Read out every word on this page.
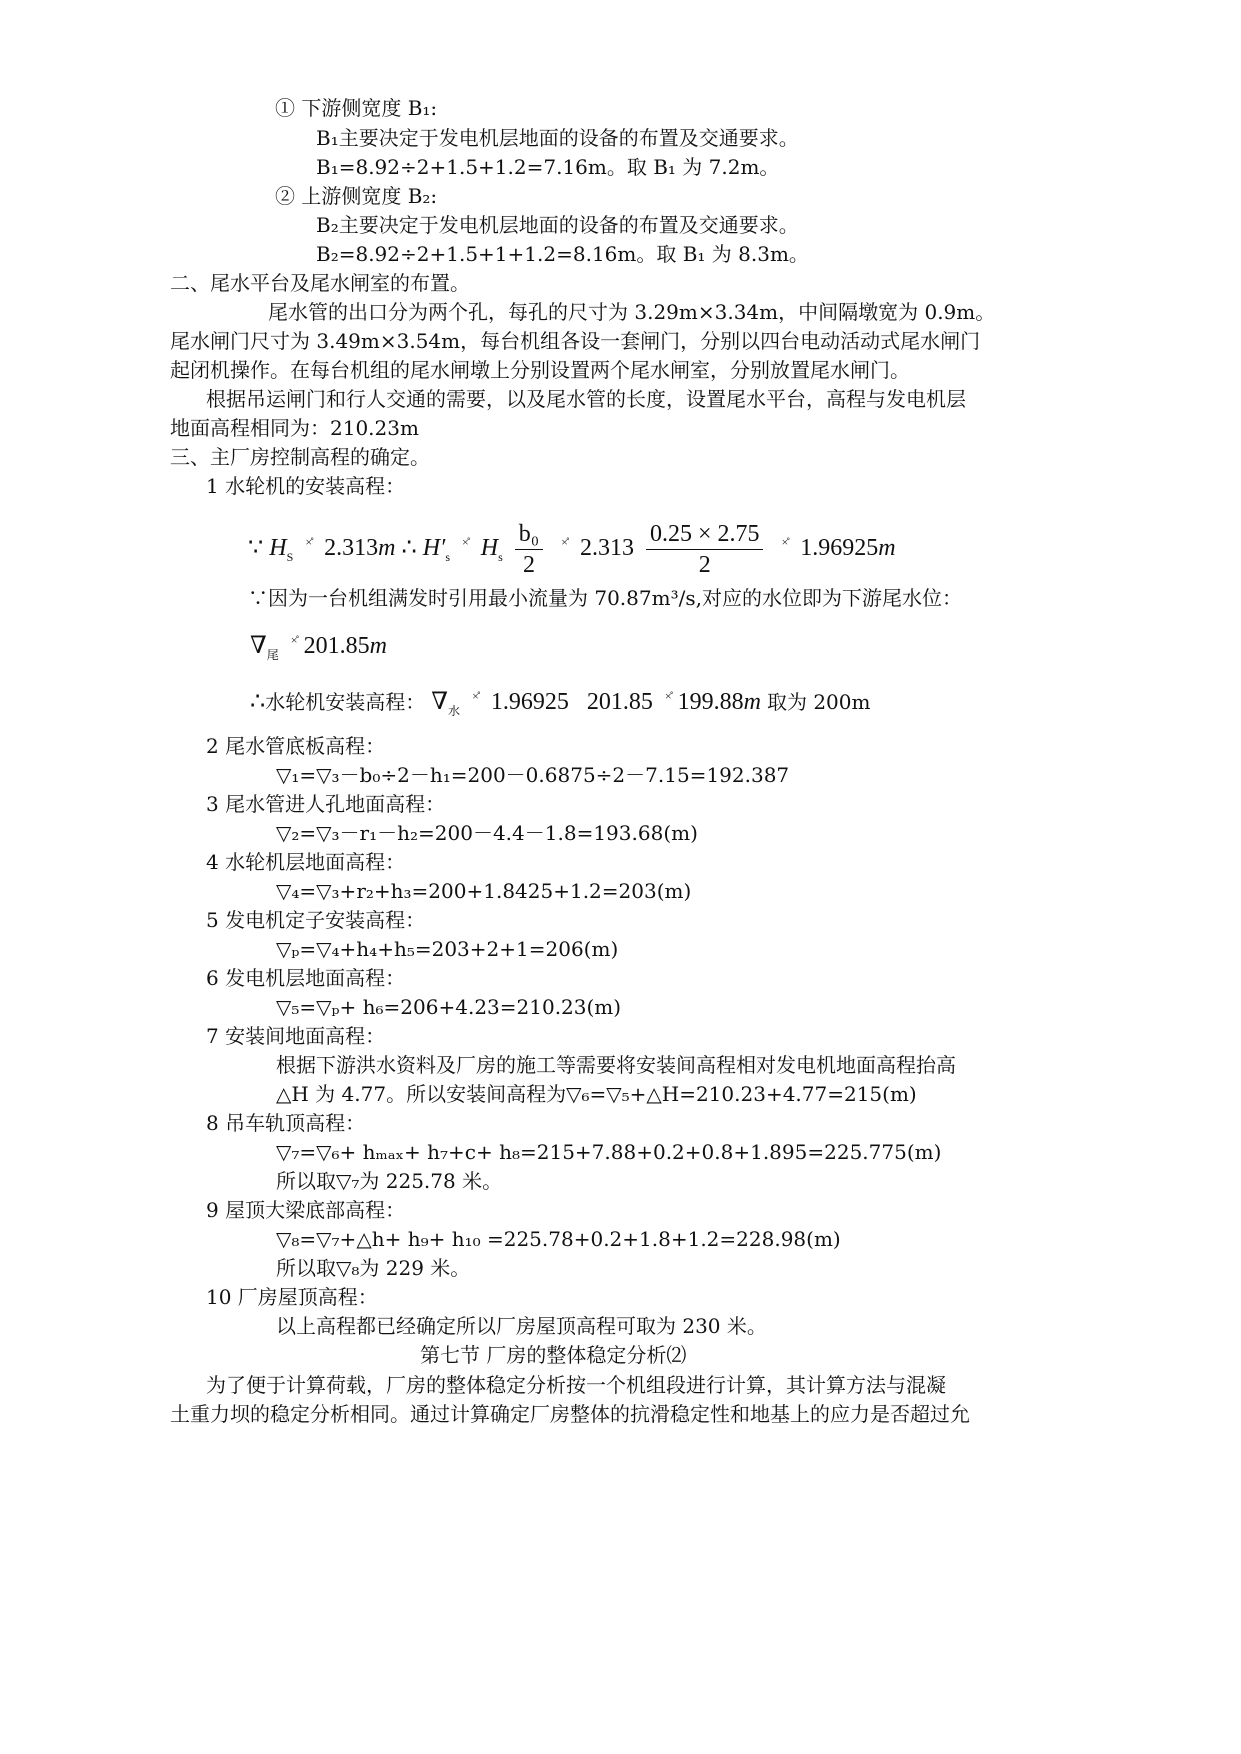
① 下游侧宽度 B₁:
B₁主要决定于发电机层地面的设备的布置及交通要求。
B₁=8.92÷2+1.5+1.2=7.16m。取 B₁ 为 7.2m。
② 上游侧宽度 B₂:
B₂主要决定于发电机层地面的设备的布置及交通要求。
B₂=8.92÷2+1.5+1+1.2=8.16m。取 B₁ 为 8.3m。
二、尾水平台及尾水闸室的布置。
尾水管的出口分为两个孔，每孔的尺寸为 3.29m×3.34m，中间隔墩宽为 0.9m。
尾水闸门尺寸为 3.49m×3.54m，每台机组各设一套闸门，分别以四台电动活动式尾水闸门
起闭机操作。在每台机组的尾水闸墩上分别设置两个尾水闸室，分别放置尾水闸门。
根据吊运闸门和行人交通的需要，以及尾水管的长度，设置尾水平台，高程与发电机层
地面高程相同为：210.23m
三、主厂房控制高程的确定。
1 水轮机的安装高程：
∵ $H_S$ ×̊ 2.313m ∴ $H'_s$ ×̊ $H_s \frac{\text{b₀}}{2} ^{\times̊}$ $2.313 \frac{0.25 \times 2.75}{2} ^{\times̊}$ 1.96925m
∵因为一台机组满发时引用最小流量为 70.87m³/s,对应的水位即为下游尾水位：
$\nabla_尾$ ×̊ 201.85m
∴水轮机安装高程： $\nabla_水$ ×̊ 1.96925 201.85 ×̊ 199.88m 取为 200m
2 尾水管底板高程：
▽₁=▽₃－b₀÷2－h₁=200－0.6875÷2－7.15=192.387
3 尾水管进人孔地面高程：
▽₂=▽₃－r₁－h₂=200－4.4－1.8=193.68(m)
4 水轮机层地面高程：
▽₄=▽₃+r₂+h₃=200+1.8425+1.2=203(m)
5 发电机定子安装高程：
▽ₚ=▽₄+h₄+h₅=203+2+1=206(m)
6 发电机层地面高程：
▽₅=▽ₚ+ h₆=206+4.23=210.23(m)
7 安装间地面高程：
根据下游洪水资料及厂房的施工等需要将安装间高程相对发电机地面高程抬高
△H 为 4.77。所以安装间高程为▽₆=▽₅+△H=210.23+4.77=215(m)
8 吊车轨顶高程：
▽₇=▽₆+ hₘₐₓ+ h₇+c+ h₈=215+7.88+0.2+0.8+1.895=225.775(m)
所以取▽₇为 225.78 米。
9 屋顶大梁底部高程：
▽₈=▽₇+△h+ h₉+ h₁₀ =225.78+0.2+1.8+1.2=228.98(m)
所以取▽₈为 229 米。
10 厂房屋顶高程：
以上高程都已经确定所以厂房屋顶高程可取为 230 米。
第七节 厂房的整体稳定分析⑵
为了便于计算荷载，厂房的整体稳定分析按一个机组段进行计算，其计算方法与混凝
土重力坝的稳定分析相同。通过计算确定厂房整体的抗滑稳定性和地基上的应力是否超过允
